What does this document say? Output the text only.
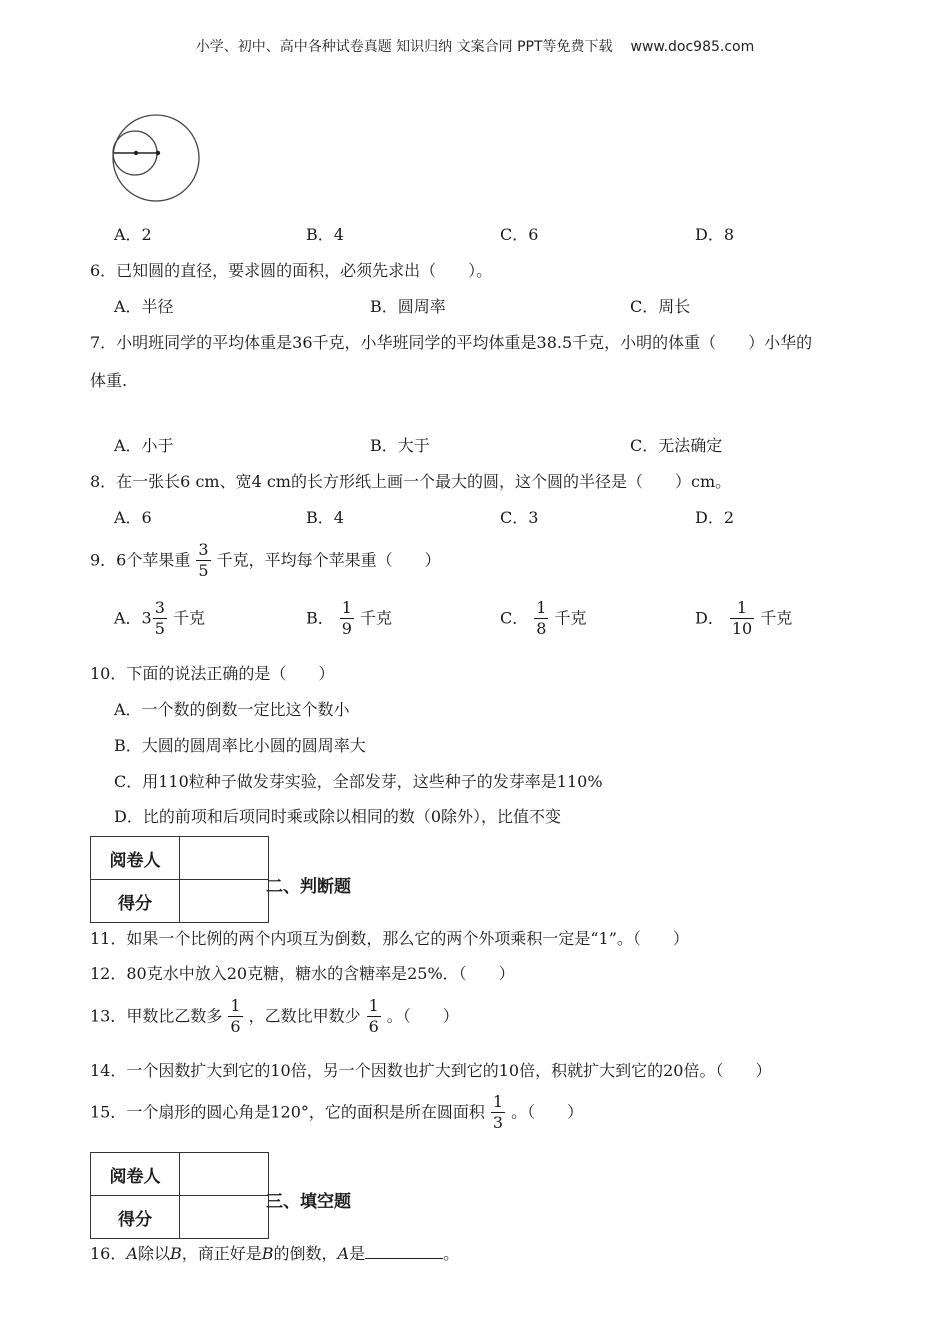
小学、初中、高中各种试卷真题 知识归纳 文案合同 PPT等免费下载 www.doc985.com
A．2	B．4	C．6	D．8
6．已知圆的直径，要求圆的面积，必须先求出（　　）。
A．半径	B．圆周率	C．周长
7．小明班同学的平均体重是36千克，小华班同学的平均体重是38.5千克，小明的体重（　　）小华的
体重.
A．小于	B．大于	C．无法确定
8．在一张长6 cm、宽4 cm的长方形纸上画一个最大的圆，这个圆的半径是（　　）cm。
A．6	B．4	C．3	D．2
9．6个苹果重 $\frac{3}{5}$ 千克，平均每个苹果重（　　）
A．$3 \frac{3}{5}$ 千克	B． $\frac{1}{9}$ 千克	C． $\frac{1}{8}$ 千克	D． $\frac{1}{10}$ 千克
10．下面的说法正确的是（　　）
A．一个数的倒数一定比这个数小
B．大圆的圆周率比小圆的圆周率大
C．用110粒种子做发芽实验，全部发芽，这些种子的发芽率是110%
D．比的前项和后项同时乘或除以相同的数（0除外），比值不变
阅卷人	
得分	
二、判断题
11．如果一个比例的两个内项互为倒数，那么它的两个外项乘积一定是“1”。（　　）
12．80克水中放入20克糖，糖水的含糖率是25%．（　　）
13．甲数比乙数多 $\frac{1}{6}$ ，乙数比甲数少 $\frac{1}{6}$ 。（　　）
14．一个因数扩大到它的10倍，另一个因数也扩大到它的10倍，积就扩大到它的20倍。（　　）
15．一个扇形的圆心角是120°，它的面积是所在圆面积 $\frac{1}{3}$ 。（　　）
阅卷人	
得分	
三、填空题
16．A除以B，商正好是B的倒数，A是	。
